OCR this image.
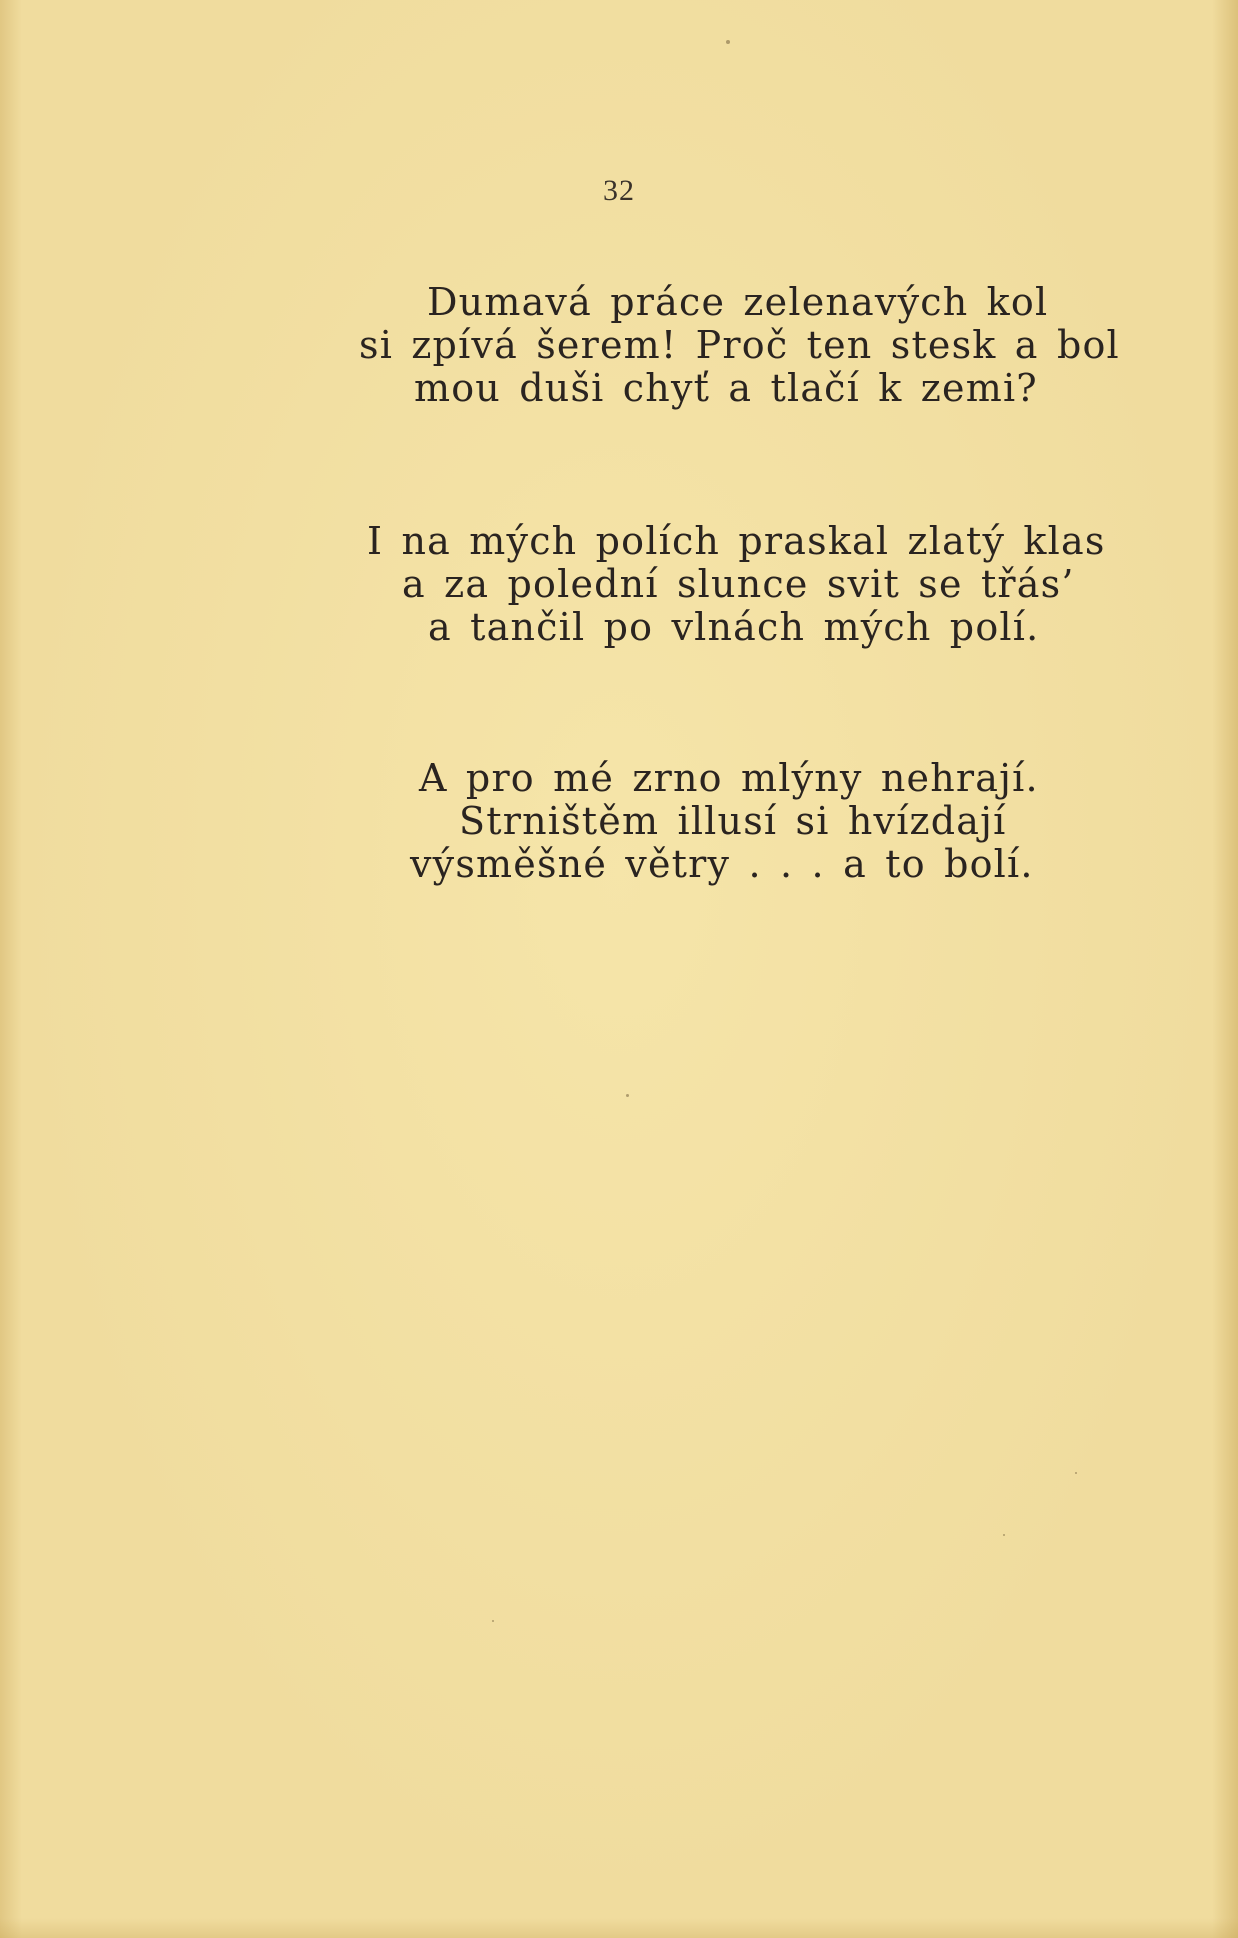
32
Dumavá práce zelenavých kol
si zpívá šerem! Proč ten stesk a bol
mou duši chyť a tlačí k zemi?
I na mých polích praskal zlatý klas
a za polední slunce svit se třás’
a tančil po vlnách mých polí.
A pro mé zrno mlýny nehrají.
Strništěm illusí si hvízdají
výsměšné větry . . . a to bolí.
